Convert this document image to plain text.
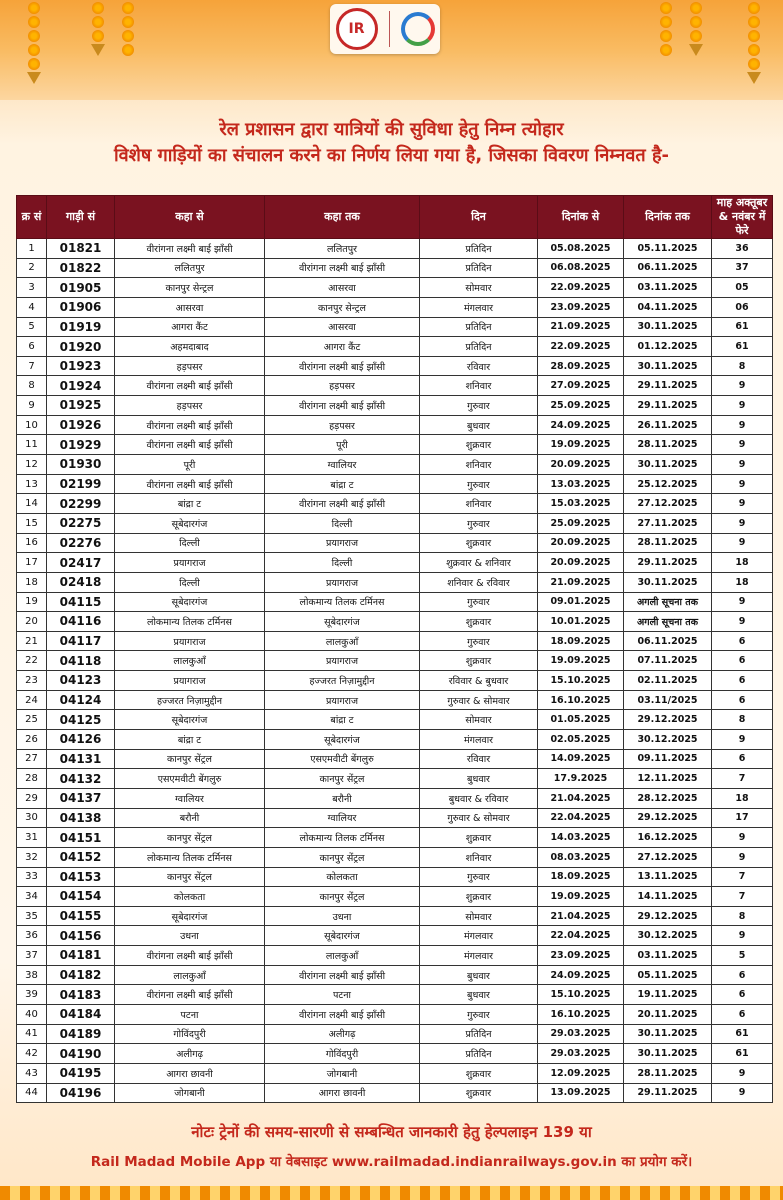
IR
रेल प्रशासन द्वारा यात्रियों की सुविधा हेतु निम्न त्योहार
विशेष गाड़ियों का संचालन करने का निर्णय लिया गया है, जिसका विवरण निम्नवत है-
क्र सं	गाड़ी सं	कहा से	कहा तक	दिन	दिनांक से	दिनांक तक	माह अक्तूबर & नवंबर में फेरे
1	01821	वीरांगना लक्ष्मी बाई झाँसी	ललितपुर	प्रतिदिन	05.08.2025	05.11.2025	36
2	01822	ललितपुर	वीरांगना लक्ष्मी बाई झाँसी	प्रतिदिन	06.08.2025	06.11.2025	37
3	01905	कानपुर सेन्ट्रल	आसरवा	सोमवार	22.09.2025	03.11.2025	05
4	01906	आसरवा	कानपुर सेन्ट्रल	मंगलवार	23.09.2025	04.11.2025	06
5	01919	आगरा कैंट	आसरवा	प्रतिदिन	21.09.2025	30.11.2025	61
6	01920	अहमदाबाद	आगरा कैंट	प्रतिदिन	22.09.2025	01.12.2025	61
7	01923	हड़पसर	वीरांगना लक्ष्मी बाई झाँसी	रविवार	28.09.2025	30.11.2025	8
8	01924	वीरांगना लक्ष्मी बाई झाँसी	हड़पसर	शनिवार	27.09.2025	29.11.2025	9
9	01925	हड़पसर	वीरांगना लक्ष्मी बाई झाँसी	गुरुवार	25.09.2025	29.11.2025	9
10	01926	वीरांगना लक्ष्मी बाई झाँसी	हड़पसर	बुधवार	24.09.2025	26.11.2025	9
11	01929	वीरांगना लक्ष्मी बाई झाँसी	पूरी	शुक्रवार	19.09.2025	28.11.2025	9
12	01930	पूरी	ग्वालियर	शनिवार	20.09.2025	30.11.2025	9
13	02199	वीरांगना लक्ष्मी बाई झाँसी	बांद्रा ट	गुरुवार	13.03.2025	25.12.2025	9
14	02299	बांद्रा ट	वीरांगना लक्ष्मी बाई झाँसी	शनिवार	15.03.2025	27.12.2025	9
15	02275	सूबेदारगंज	दिल्ली	गुरुवार	25.09.2025	27.11.2025	9
16	02276	दिल्ली	प्रयागराज	शुक्रवार	20.09.2025	28.11.2025	9
17	02417	प्रयागराज	दिल्ली	शुक्रवार & शनिवार	20.09.2025	29.11.2025	18
18	02418	दिल्ली	प्रयागराज	शनिवार & रविवार	21.09.2025	30.11.2025	18
19	04115	सूबेदारगंज	लोकमान्य तिलक टर्मिनस	गुरुवार	09.01.2025	अगली सूचना तक	9
20	04116	लोकमान्य तिलक टर्मिनस	सूबेदारगंज	शुक्रवार	10.01.2025	अगली सूचना तक	9
21	04117	प्रयागराज	लालकुआँ	गुरुवार	18.09.2025	06.11.2025	6
22	04118	लालकुआँ	प्रयागराज	शुक्रवार	19.09.2025	07.11.2025	6
23	04123	प्रयागराज	हज्जरत निज़ामुद्दीन	रविवार & बुधवार	15.10.2025	02.11.2025	6
24	04124	हज्जरत निज़ामुद्दीन	प्रयागराज	गुरुवार & सोमवार	16.10.2025	03.11/2025	6
25	04125	सूबेदारगंज	बांद्रा ट	सोमवार	01.05.2025	29.12.2025	8
26	04126	बांद्रा ट	सूबेदारगंज	मंगलवार	02.05.2025	30.12.2025	9
27	04131	कानपुर सेंट्रल	एसएमवीटी बेंगलुरु	रविवार	14.09.2025	09.11.2025	6
28	04132	एसएमवीटी बेंगलुरु	कानपुर सेंट्रल	बुधवार	17.9.2025	12.11.2025	7
29	04137	ग्वालियर	बरौनी	बुधवार & रविवार	21.04.2025	28.12.2025	18
30	04138	बरौनी	ग्वालियर	गुरुवार & सोमवार	22.04.2025	29.12.2025	17
31	04151	कानपुर सेंट्रल	लोकमान्य तिलक टर्मिनस	शुक्रवार	14.03.2025	16.12.2025	9
32	04152	लोकमान्य तिलक टर्मिनस	कानपुर सेंट्रल	शनिवार	08.03.2025	27.12.2025	9
33	04153	कानपुर सेंट्रल	कोलकता	गुरुवार	18.09.2025	13.11.2025	7
34	04154	कोलकता	कानपुर सेंट्रल	शुक्रवार	19.09.2025	14.11.2025	7
35	04155	सूबेदारगंज	उधना	सोमवार	21.04.2025	29.12.2025	8
36	04156	उधना	सूबेदारगंज	मंगलवार	22.04.2025	30.12.2025	9
37	04181	वीरांगना लक्ष्मी बाई झाँसी	लालकुआँ	मंगलवार	23.09.2025	03.11.2025	5
38	04182	लालकुआँ	वीरांगना लक्ष्मी बाई झाँसी	बुधवार	24.09.2025	05.11.2025	6
39	04183	वीरांगना लक्ष्मी बाई झाँसी	पटना	बुधवार	15.10.2025	19.11.2025	6
40	04184	पटना	वीरांगना लक्ष्मी बाई झाँसी	गुरुवार	16.10.2025	20.11.2025	6
41	04189	गोविंदपुरी	अलीगढ़	प्रतिदिन	29.03.2025	30.11.2025	61
42	04190	अलीगढ़	गोविंदपुरी	प्रतिदिन	29.03.2025	30.11.2025	61
43	04195	आगरा छावनी	जोगबानी	शुक्रवार	12.09.2025	28.11.2025	9
44	04196	जोगबानी	आगरा छावनी	शुक्रवार	13.09.2025	29.11.2025	9
नोटः ट्रेनों की समय-सारणी से सम्बन्धित जानकारी हेतु हेल्पलाइन 139 या
Rail Madad Mobile App या वेबसाइट www.railmadad.indianrailways.gov.in का प्रयोग करें।
